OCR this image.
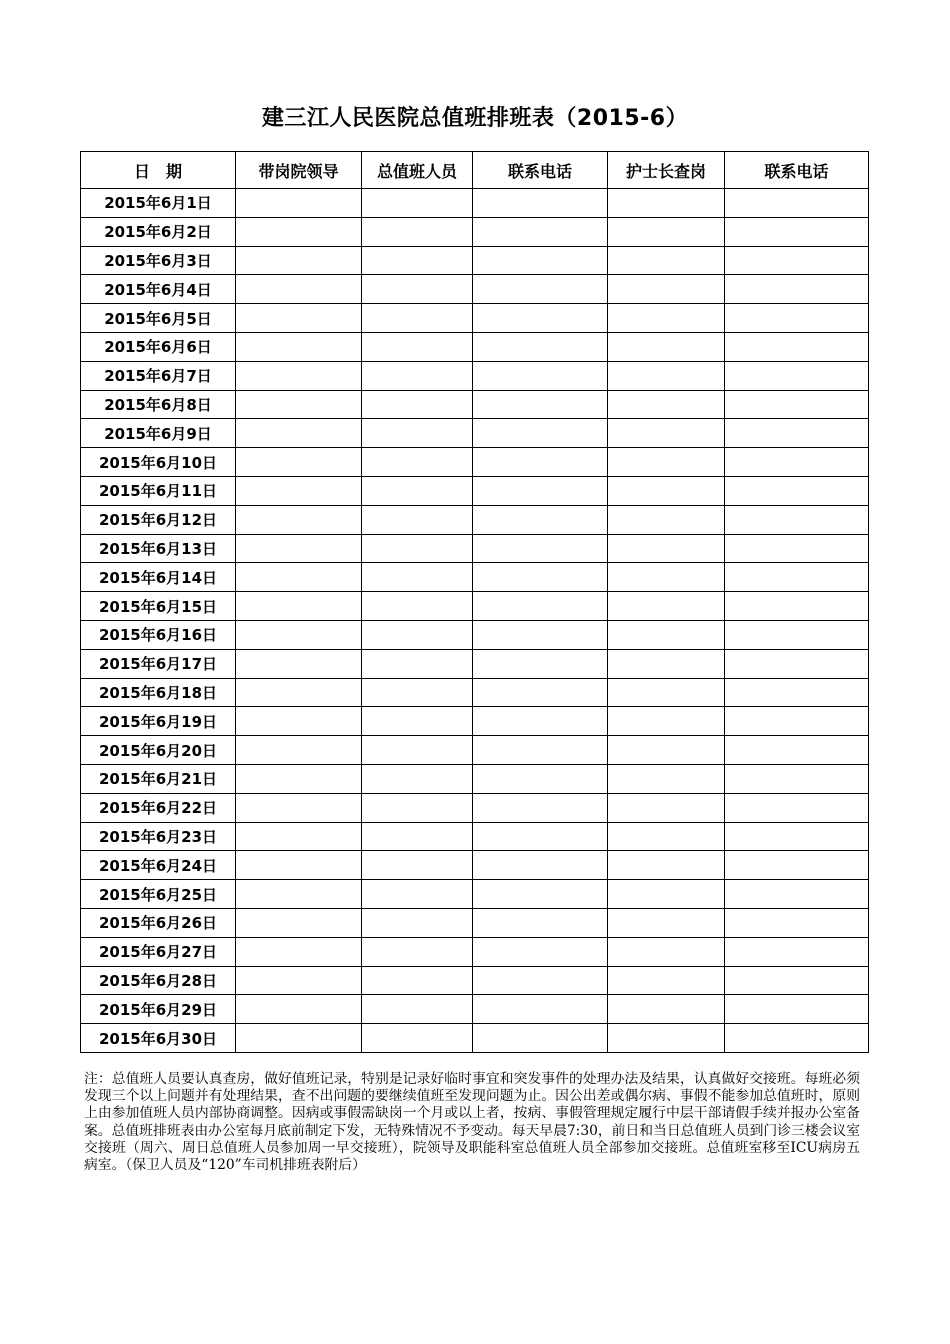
建三江人民医院总值班排班表（2015-6）
日　期	带岗院领导	总值班人员	联系电话	护士长查岗	联系电话
2015年6月1日					
2015年6月2日					
2015年6月3日					
2015年6月4日					
2015年6月5日					
2015年6月6日					
2015年6月7日					
2015年6月8日					
2015年6月9日					
2015年6月10日					
2015年6月11日					
2015年6月12日					
2015年6月13日					
2015年6月14日					
2015年6月15日					
2015年6月16日					
2015年6月17日					
2015年6月18日					
2015年6月19日					
2015年6月20日					
2015年6月21日					
2015年6月22日					
2015年6月23日					
2015年6月24日					
2015年6月25日					
2015年6月26日					
2015年6月27日					
2015年6月28日					
2015年6月29日					
2015年6月30日					
注：总值班人员要认真查房，做好值班记录，特别是记录好临时事宜和突发事件的处理办法及结果，认真做好交接班。每班必须发现三个以上问题并有处理结果，查不出问题的要继续值班至发现问题为止。因公出差或偶尔病、事假不能参加总值班时，原则上由参加值班人员内部协商调整。因病或事假需缺岗一个月或以上者，按病、事假管理规定履行中层干部请假手续并报办公室备案。总值班排班表由办公室每月底前制定下发，无特殊情况不予变动。每天早晨7:30，前日和当日总值班人员到门诊三楼会议室交接班（周六、周日总值班人员参加周一早交接班），院领导及职能科室总值班人员全部参加交接班。总值班室移至ICU病房五病室。（保卫人员及“120”车司机排班表附后）
